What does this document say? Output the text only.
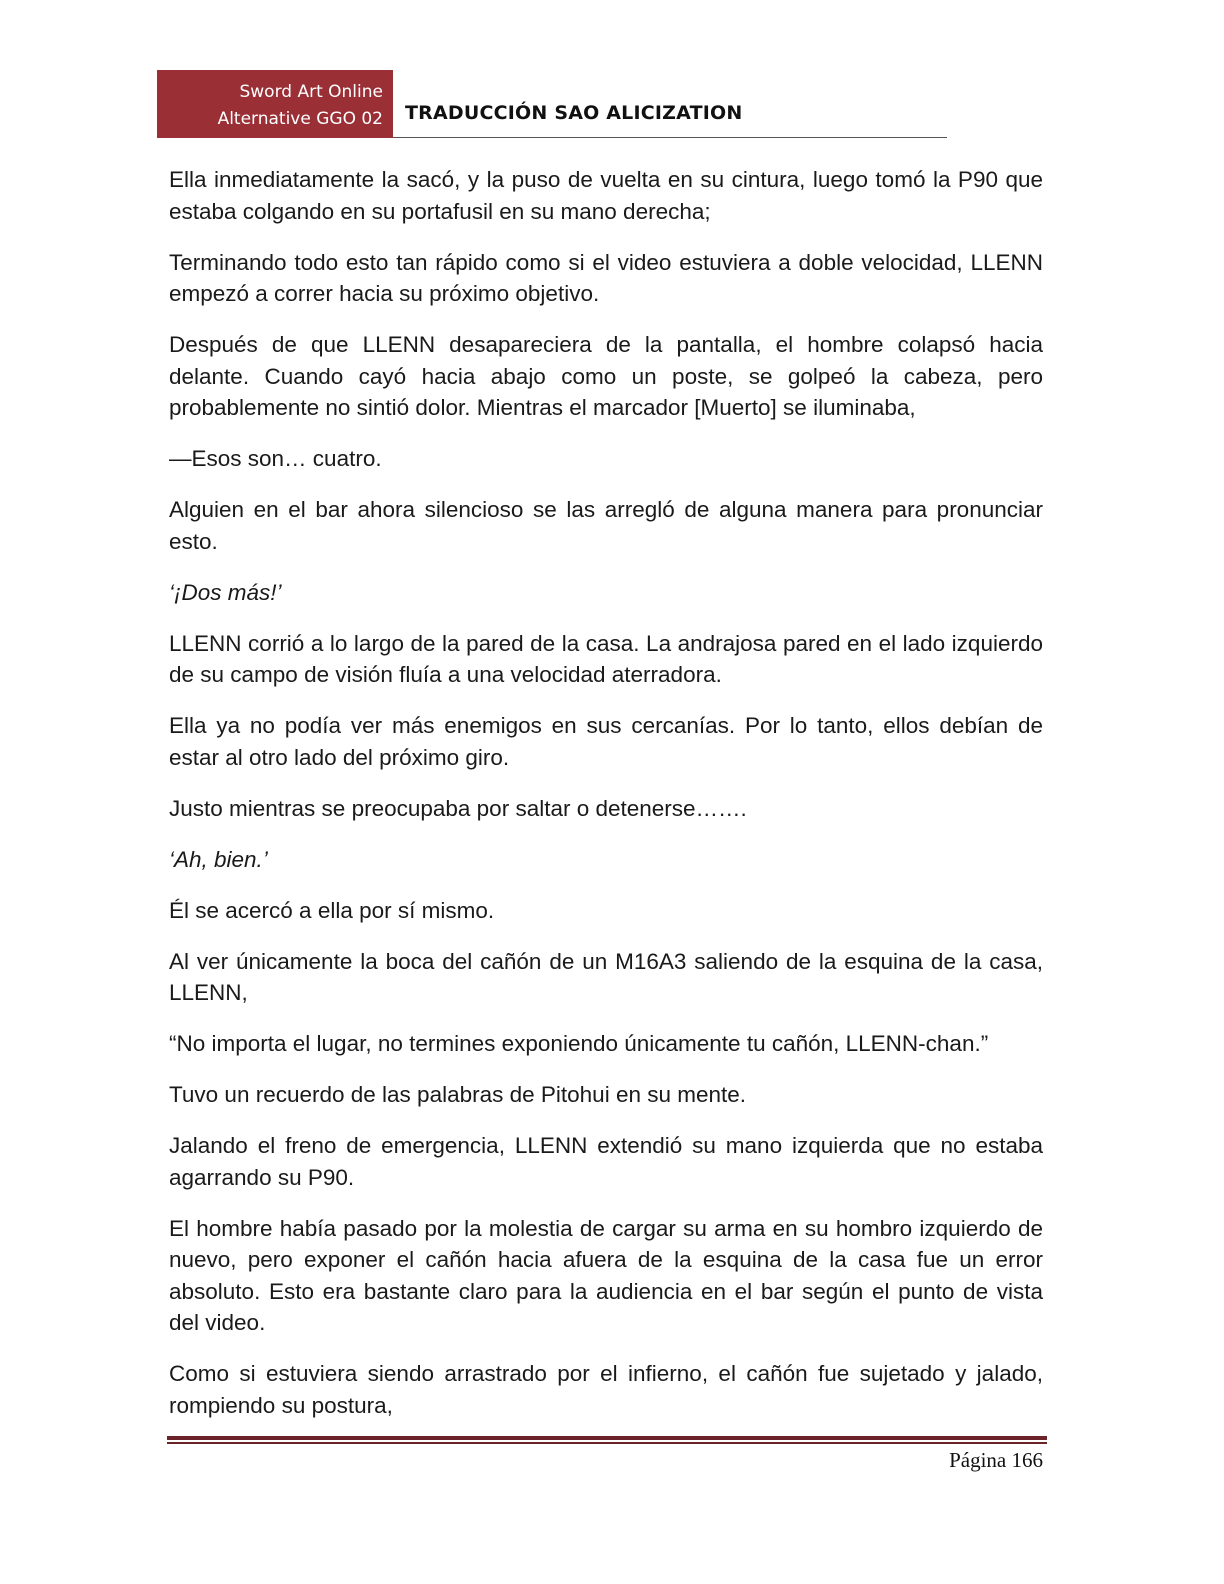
Sword Art Online
Alternative GGO 02 TRADUCCIÓN SAO ALICIZATION

Ella inmediatamente la sacó, y la puso de vuelta en su cintura, luego tomó la P90 que estaba colgando en su portafusil en su mano derecha;

Terminando todo esto tan rápido como si el video estuviera a doble velocidad, LLENN empezó a correr hacia su próximo objetivo.

Después de que LLENN desapareciera de la pantalla, el hombre colapsó hacia delante. Cuando cayó hacia abajo como un poste, se golpeó la cabeza, pero probablemente no sintió dolor. Mientras el marcador [Muerto] se iluminaba,

—Esos son… cuatro.

Alguien en el bar ahora silencioso se las arregló de alguna manera para pronunciar esto.

‘¡Dos más!’

LLENN corrió a lo largo de la pared de la casa. La andrajosa pared en el lado izquierdo de su campo de visión fluía a una velocidad aterradora.

Ella ya no podía ver más enemigos en sus cercanías. Por lo tanto, ellos debían de estar al otro lado del próximo giro.

Justo mientras se preocupaba por saltar o detenerse…….

‘Ah, bien.’

Él se acercó a ella por sí mismo.

Al ver únicamente la boca del cañón de un M16A3 saliendo de la esquina de la casa, LLENN,

“No importa el lugar, no termines exponiendo únicamente tu cañón, LLENN-chan.”

Tuvo un recuerdo de las palabras de Pitohui en su mente.

Jalando el freno de emergencia, LLENN extendió su mano izquierda que no estaba agarrando su P90.

El hombre había pasado por la molestia de cargar su arma en su hombro izquierdo de nuevo, pero exponer el cañón hacia afuera de la esquina de la casa fue un error absoluto. Esto era bastante claro para la audiencia en el bar según el punto de vista del video.

Como si estuviera siendo arrastrado por el infierno, el cañón fue sujetado y jalado, rompiendo su postura,

Página 166
